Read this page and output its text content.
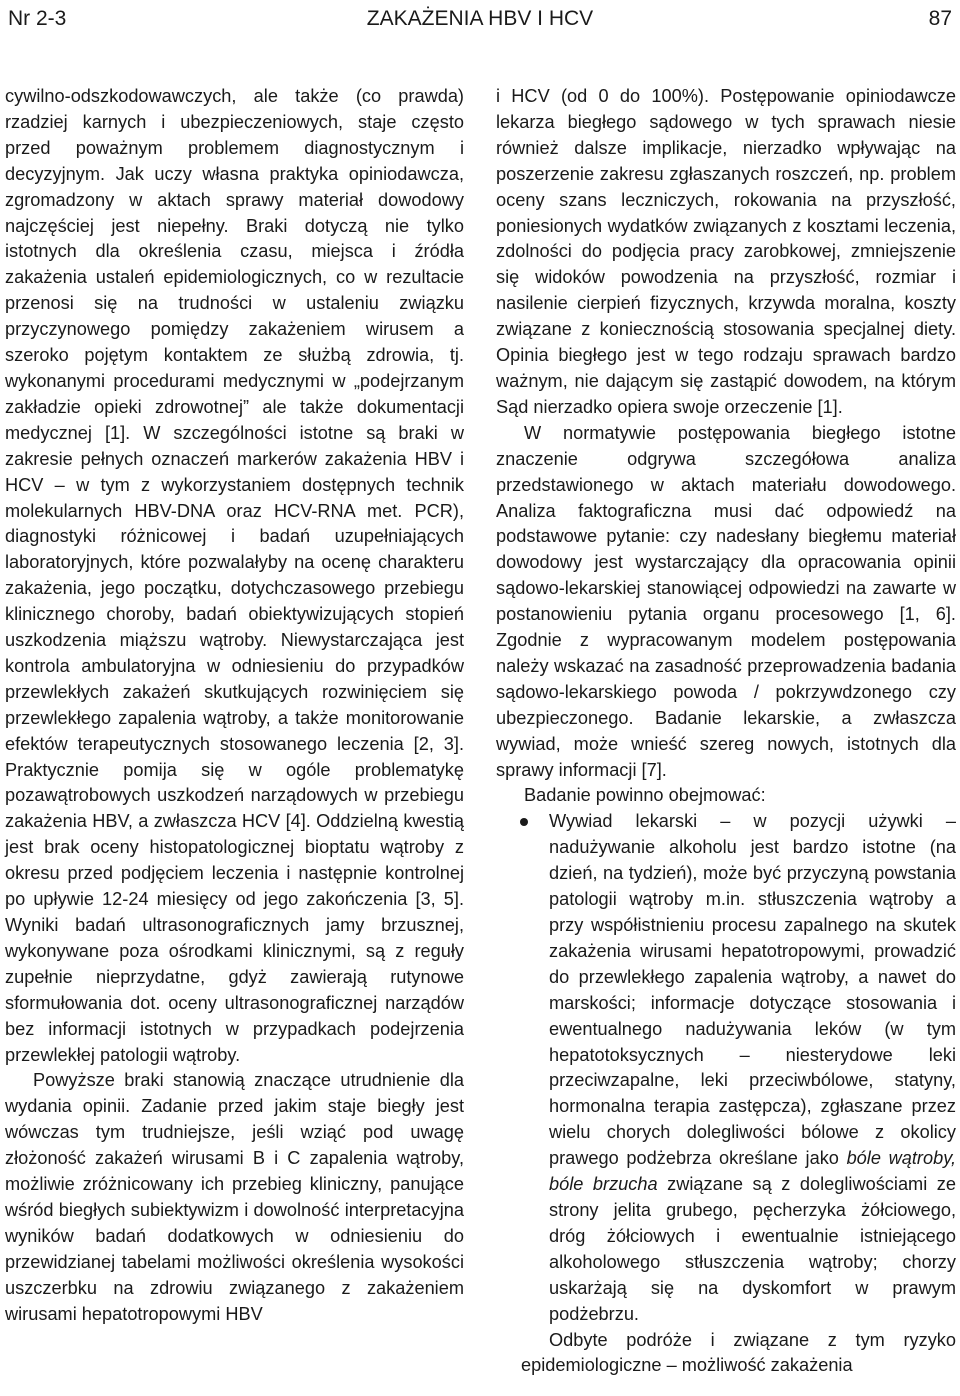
Nr 2-3	ZAKAŻENIA HBV I HCV	87

cywilno-odszkodowawczych, ale także (co prawda) rzadziej karnych i ubezpieczeniowych, staje często przed poważnym problemem diagnostycznym i decyzyjnym. Jak uczy własna praktyka opiniodawcza, zgromadzony w aktach sprawy materiał dowodowy najczęściej jest niepełny. Braki dotyczą nie tylko istotnych dla określenia czasu, miejsca i źródła zakażenia ustaleń epidemiologicznych, co w rezultacie przenosi się na trudności w ustaleniu związku przyczynowego pomiędzy zakażeniem wirusem a szeroko pojętym kontaktem ze służbą zdrowia, tj. wykonanymi procedurami medycznymi w „podejrzanym zakładzie opieki zdrowotnej” ale także dokumentacji medycznej [1]. W szczególności istotne są braki w zakresie pełnych oznaczeń markerów zakażenia HBV i HCV – w tym z wykorzystaniem dostępnych technik molekularnych HBV-DNA oraz HCV-RNA met. PCR), diagnostyki różnicowej i badań uzupełniających laboratoryjnych, które pozwalałyby na ocenę charakteru zakażenia, jego początku, dotychczasowego przebiegu klinicznego choroby, badań obiektywizujących stopień uszkodzenia miąższu wątroby. Niewystarczająca jest kontrola ambulatoryjna w odniesieniu do przypadków przewlekłych zakażeń skutkujących rozwinięciem się przewlekłego zapalenia wątroby, a także monitorowanie efektów terapeutycznych stosowanego leczenia [2, 3]. Praktycznie pomija się w ogóle problematykę pozawątrobowych uszkodzeń narządowych w przebiegu zakażenia HBV, a zwłaszcza HCV [4]. Oddzielną kwestią jest brak oceny histopatologicznej bioptatu wątroby z okresu przed podjęciem leczenia i następnie kontrolnej po upływie 12-24 miesięcy od jego zakończenia [3, 5]. Wyniki badań ultrasonograficznych jamy brzusznej, wykonywane poza ośrodkami klinicznymi, są z reguły zupełnie nieprzydatne, gdyż zawierają rutynowe sformułowania dot. oceny ultrasonograficznej narządów bez informacji istotnych w przypadkach podejrzenia przewlekłej patologii wątroby.

Powyższe braki stanowią znaczące utrudnienie dla wydania opinii. Zadanie przed jakim staje biegły jest wówczas tym trudniejsze, jeśli wziąć pod uwagę złożoność zakażeń wirusami B i C zapalenia wątroby, możliwie zróżnicowany ich przebieg kliniczny, panujące wśród biegłych subiektywizm i dowolność interpretacyjna wyników badań dodatkowych w odniesieniu do przewidzianej tabelami możliwości określenia wysokości uszczerbku na zdrowiu związanego z zakażeniem wirusami hepatotropowymi HBV

i HCV (od 0 do 100%). Postępowanie opiniodawcze lekarza biegłego sądowego w tych sprawach niesie również dalsze implikacje, nierzadko wpływając na poszerzenie zakresu zgłaszanych roszczeń, np. problem oceny szans leczniczych, rokowania na przyszłość, poniesionych wydatków związanych z kosztami leczenia, zdolności do podjęcia pracy zarobkowej, zmniejszenie się widoków powodzenia na przyszłość, rozmiar i nasilenie cierpień fizycznych, krzywda moralna, koszty związane z koniecznością stosowania specjalnej diety. Opinia biegłego jest w tego rodzaju sprawach bardzo ważnym, nie dającym się zastąpić dowodem, na którym Sąd nierzadko opiera swoje orzeczenie [1].

W normatywie postępowania biegłego istotne znaczenie odgrywa szczegółowa analiza przedstawionego w aktach materiału dowodowego. Analiza faktograficzna musi dać odpowiedź na podstawowe pytanie: czy nadesłany biegłemu materiał dowodowy jest wystarczający dla opracowania opinii sądowo-lekarskiej stanowiącej odpowiedzi na zawarte w postanowieniu pytania organu procesowego [1, 6]. Zgodnie z wypracowanym modelem postępowania należy wskazać na zasadność przeprowadzenia badania sądowo-lekarskiego powoda / pokrzywdzonego czy ubezpieczonego. Badanie lekarskie, a zwłaszcza wywiad, może wnieść szereg nowych, istotnych dla sprawy informacji [7].

Badanie powinno obejmować:

Wywiad lekarski – w pozycji używki – nadużywanie alkoholu jest bardzo istotne (na dzień, na tydzień), może być przyczyną powstania patologii wątroby m.in. stłuszczenia wątroby a przy współistnieniu procesu zapalnego na skutek zakażenia wirusami hepatotropowymi, prowadzić do przewlekłego zapalenia wątroby, a nawet do marskości; informacje dotyczące stosowania i ewentualnego nadużywania leków (w tym hepatotoksycznych – niesterydowe leki przeciwzapalne, leki przeciwbólowe, statyny, hormonalna terapia zastępcza), zgłaszane przez wielu chorych dolegliwości bólowe z okolicy prawego podżebrza określane jako bóle wątroby, bóle brzucha związane są z dolegliwościami ze strony jelita grubego, pęcherzyka żółciowego, dróg żółciowych i ewentualnie istniejącego alkoholowego stłuszczenia wątroby; chorzy uskarżają się na dyskomfort w prawym podżebrzu.

Odbyte podróże i związane z tym ryzyko epidemiologiczne – możliwość zakażenia
